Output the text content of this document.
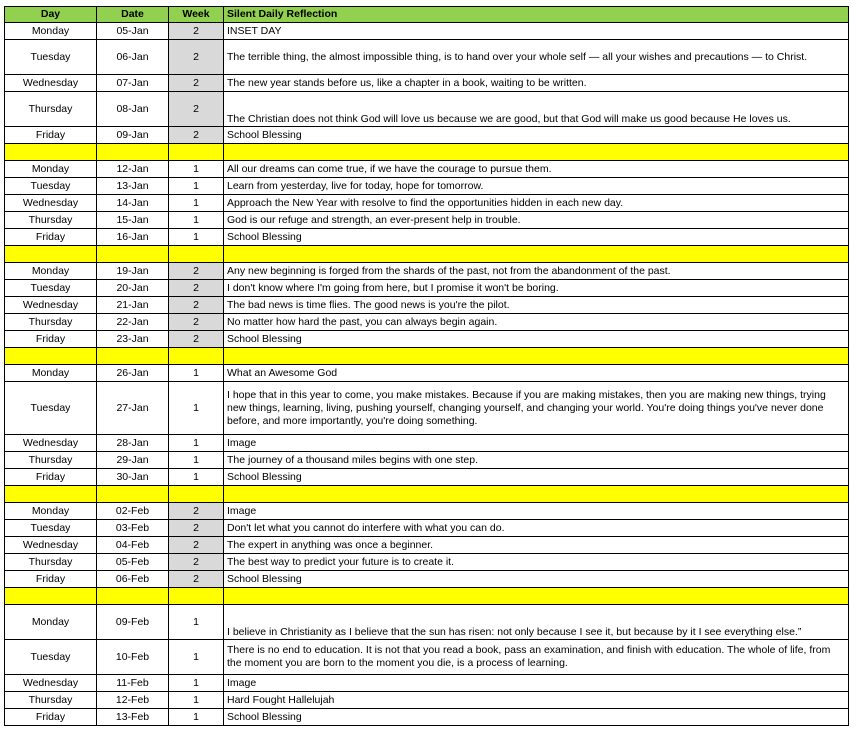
Day	Date	Week	Silent Daily Reflection
Monday	05-Jan	2	INSET DAY
Tuesday	06-Jan	2	The terrible thing, the almost impossible thing, is to hand over your whole self — all your wishes and precautions — to Christ.
Wednesday	07-Jan	2	The new year stands before us, like a chapter in a book, waiting to be written.
Thursday	08-Jan	2	The Christian does not think God will love us because we are good, but that God will make us good because He loves us.
Friday	09-Jan	2	School Blessing

Monday	12-Jan	1	All our dreams can come true, if we have the courage to pursue them.
Tuesday	13-Jan	1	Learn from yesterday, live for today, hope for tomorrow.
Wednesday	14-Jan	1	Approach the New Year with resolve to find the opportunities hidden in each new day.
Thursday	15-Jan	1	God is our refuge and strength, an ever-present help in trouble.
Friday	16-Jan	1	School Blessing

Monday	19-Jan	2	Any new beginning is forged from the shards of the past, not from the abandonment of the past.
Tuesday	20-Jan	2	I don't know where I'm going from here, but I promise it won't be boring.
Wednesday	21-Jan	2	The bad news is time flies. The good news is you're the pilot.
Thursday	22-Jan	2	No matter how hard the past, you can always begin again.
Friday	23-Jan	2	School Blessing

Monday	26-Jan	1	What an Awesome God
Tuesday	27-Jan	1	I hope that in this year to come, you make mistakes. Because if you are making mistakes, then you are making new things, trying new things, learning, living, pushing yourself, changing yourself, and changing your world. You're doing things you've never done before, and more importantly, you're doing something.
Wednesday	28-Jan	1	Image
Thursday	29-Jan	1	The journey of a thousand miles begins with one step.
Friday	30-Jan	1	School Blessing

Monday	02-Feb	2	Image
Tuesday	03-Feb	2	Don't let what you cannot do interfere with what you can do.
Wednesday	04-Feb	2	The expert in anything was once a beginner.
Thursday	05-Feb	2	The best way to predict your future is to create it.
Friday	06-Feb	2	School Blessing

Monday	09-Feb	1	I believe in Christianity as I believe that the sun has risen: not only because I see it, but because by it I see everything else.”
Tuesday	10-Feb	1	There is no end to education. It is not that you read a book, pass an examination, and finish with education. The whole of life, from the moment you are born to the moment you die, is a process of learning.
Wednesday	11-Feb	1	Image
Thursday	12-Feb	1	Hard Fought Hallelujah
Friday	13-Feb	1	School Blessing
